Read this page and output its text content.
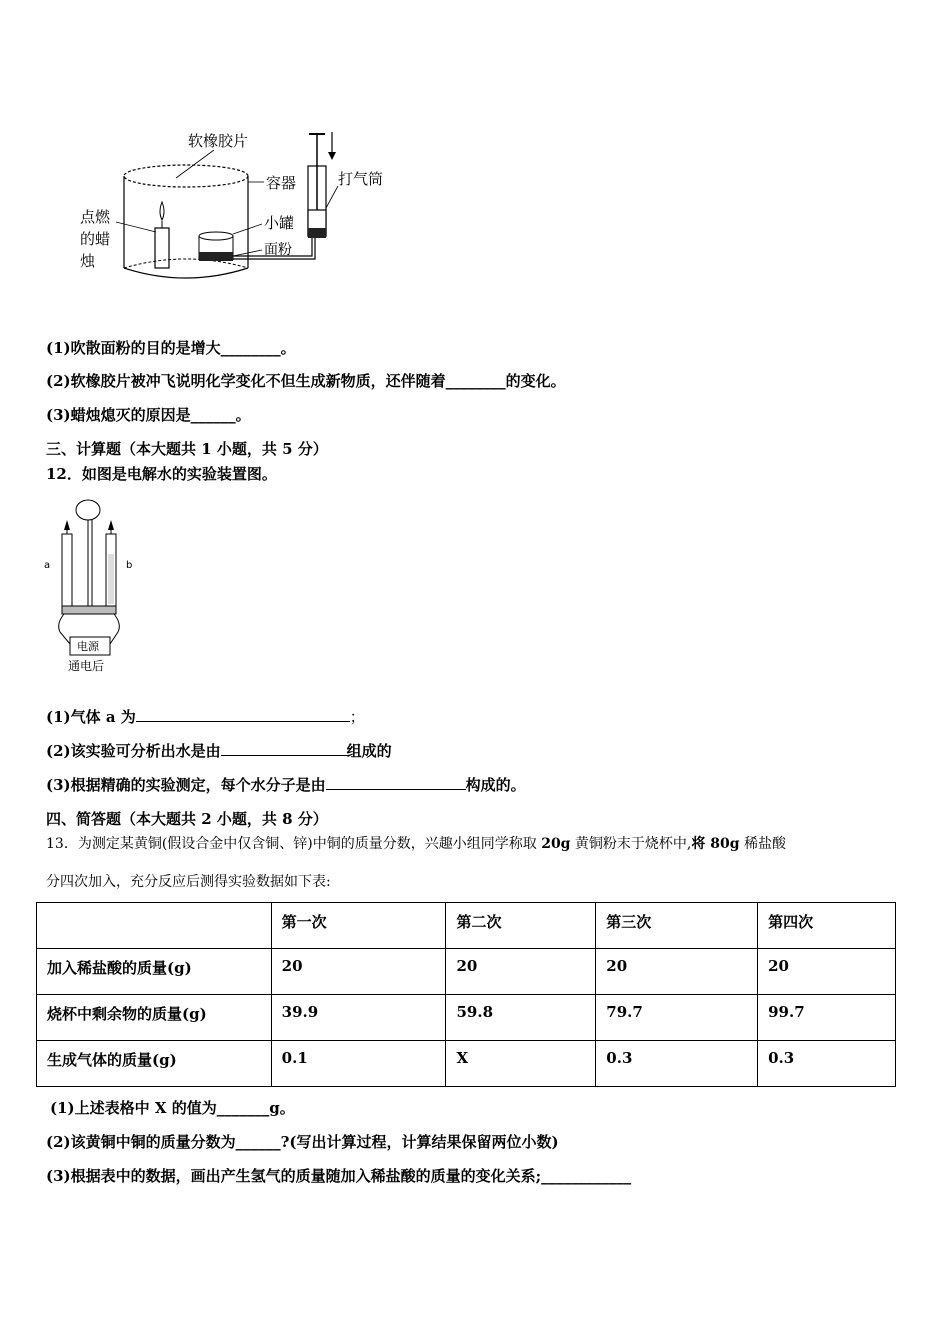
软橡胶片
容器	打气筒
点燃
的蜡
烛
小罐
面粉
(1)吹散面粉的目的是增大________。
(2)软橡胶片被冲飞说明化学变化不但生成新物质，还伴随着________的变化。
(3)蜡烛熄灭的原因是______。
三、计算题（本大题共 1 小题，共 5 分）
12．如图是电解水的实验装置图。
a	b
电源
通电后
(1)气体 a 为	；
(2)该实验可分析出水是由	组成的
(3)根据精确的实验测定，每个水分子是由	构成的。
四、简答题（本大题共 2 小题，共 8 分）
13．为测定某黄铜(假设合金中仅含铜、锌)中铜的质量分数，兴趣小组同学称取 20g 黄铜粉末于烧杯中,将 80g 稀盐酸
分四次加入，充分反应后测得实验数据如下表:
	第一次	第二次	第三次	第四次
加入稀盐酸的质量(g)	20	20	20	20
烧杯中剩余物的质量(g)	39.9	59.8	79.7	99.7
生成气体的质量(g)	0.1	X	0.3	0.3
(1)上述表格中 X 的值为_______g。
(2)该黄铜中铜的质量分数为______?(写出计算过程，计算结果保留两位小数)
(3)根据表中的数据，画出产生氢气的质量随加入稀盐酸的质量的变化关系;____________
